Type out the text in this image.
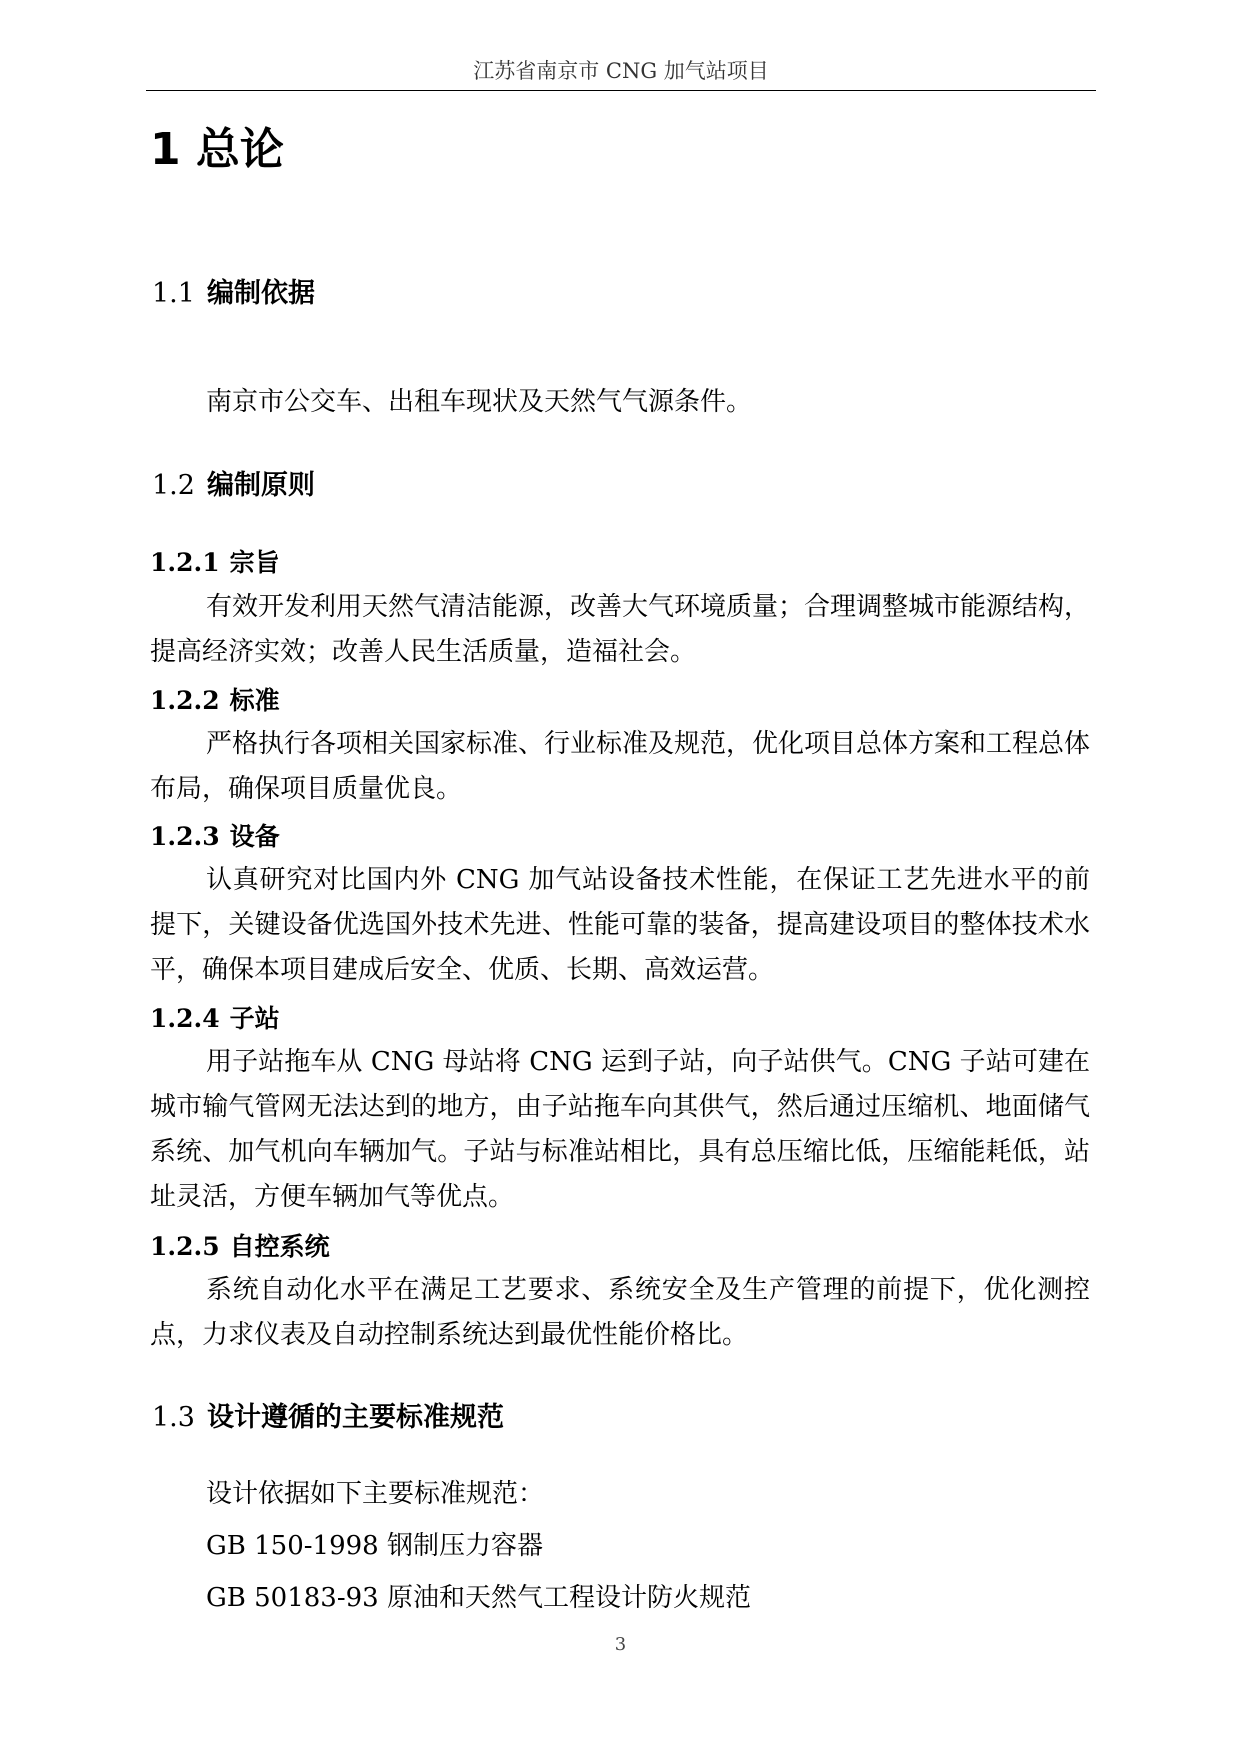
江苏省南京市 CNG 加气站项目
1 总论
1.1 编制依据
南京市公交车、出租车现状及天然气气源条件。
1.2 编制原则
1.2.1 宗旨
有效开发利用天然气清洁能源，改善大气环境质量；合理调整城市能源结构，提高经济实效；改善人民生活质量，造福社会。
1.2.2 标准
严格执行各项相关国家标准、行业标准及规范，优化项目总体方案和工程总体布局，确保项目质量优良。
1.2.3 设备
认真研究对比国内外 CNG 加气站设备技术性能，在保证工艺先进水平的前提下，关键设备优选国外技术先进、性能可靠的装备，提高建设项目的整体技术水平，确保本项目建成后安全、优质、长期、高效运营。
1.2.4 子站
用子站拖车从 CNG 母站将 CNG 运到子站，向子站供气。CNG 子站可建在城市输气管网无法达到的地方，由子站拖车向其供气，然后通过压缩机、地面储气系统、加气机向车辆加气。子站与标准站相比，具有总压缩比低，压缩能耗低，站址灵活，方便车辆加气等优点。
1.2.5 自控系统
系统自动化水平在满足工艺要求、系统安全及生产管理的前提下，优化测控点，力求仪表及自动控制系统达到最优性能价格比。
1.3 设计遵循的主要标准规范
设计依据如下主要标准规范：
GB 150-1998 钢制压力容器
GB 50183-93 原油和天然气工程设计防火规范
3
